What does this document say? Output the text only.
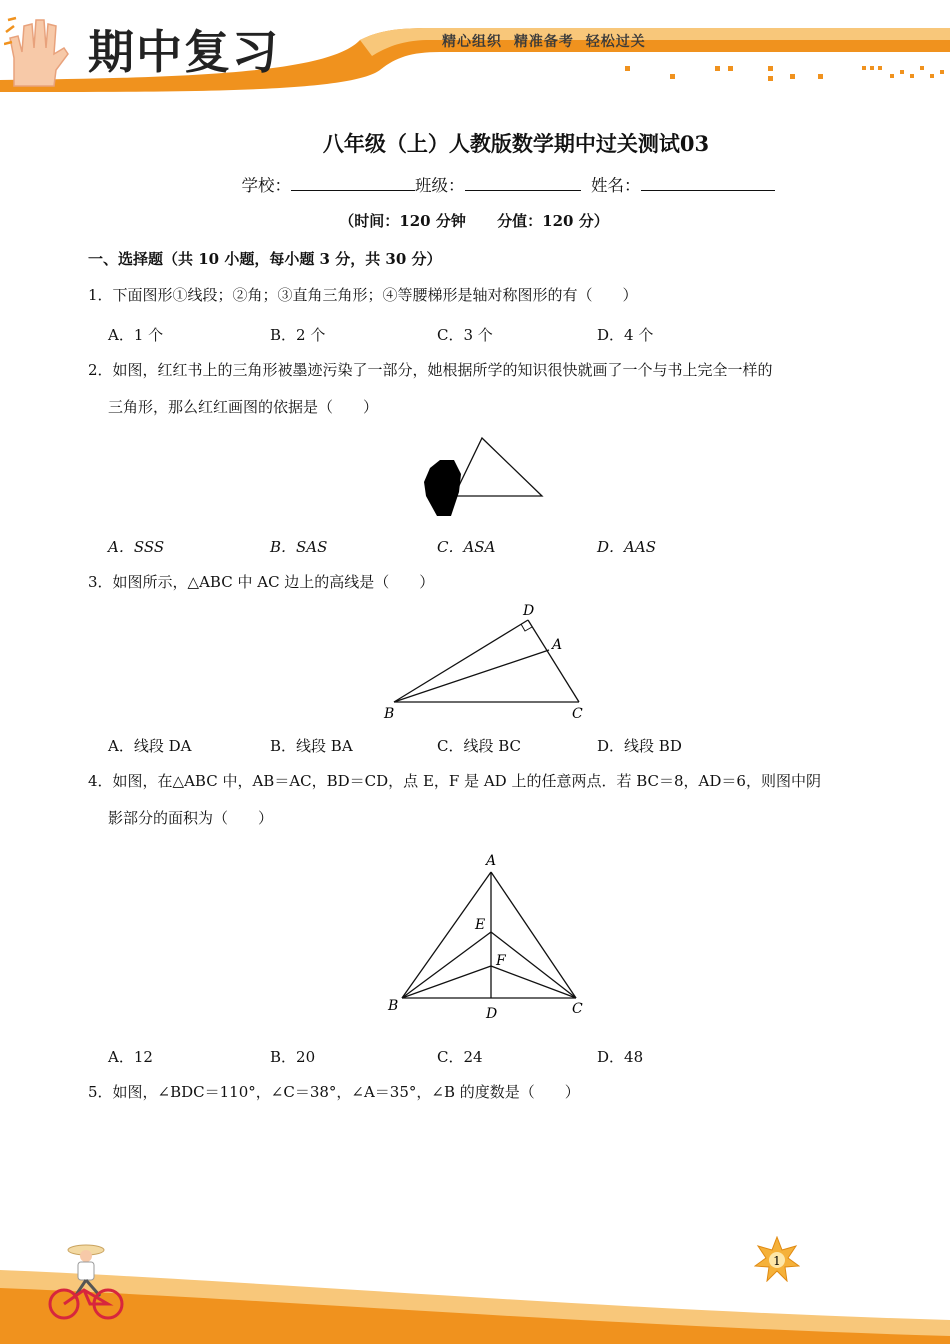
期中复习	精心组织 精准备考 轻松过关
八年级（上）人教版数学期中过关测试03
学校：	班级：	姓名：
（时间：120 分钟 分值：120 分）
一、选择题（共 10 小题，每小题 3 分，共 30 分）
1．下面图形①线段；②角；③直角三角形；④等腰梯形是轴对称图形的有（　　）
A．1 个	B．2 个	C．3 个	D．4 个
2．如图，红红书上的三角形被墨迹污染了一部分，她根据所学的知识很快就画了一个与书上完全一样的
三角形，那么红红画图的依据是（　　）
A．SSS	B．SAS	C．ASA	D．AAS
3．如图所示，△ABC 中 AC 边上的高线是（　　）
D
A
B	C
A．线段 DA	B．线段 BA	C．线段 BC	D．线段 BD
4．如图，在△ABC 中，AB＝AC，BD＝CD，点 E，F 是 AD 上的任意两点．若 BC＝8，AD＝6，则图中阴
影部分的面积为（　　）
A
E
F
B	D	C
A．12	B．20	C．24	D．48
5．如图，∠BDC＝110°，∠C＝38°，∠A＝35°，∠B 的度数是（　　）
1
